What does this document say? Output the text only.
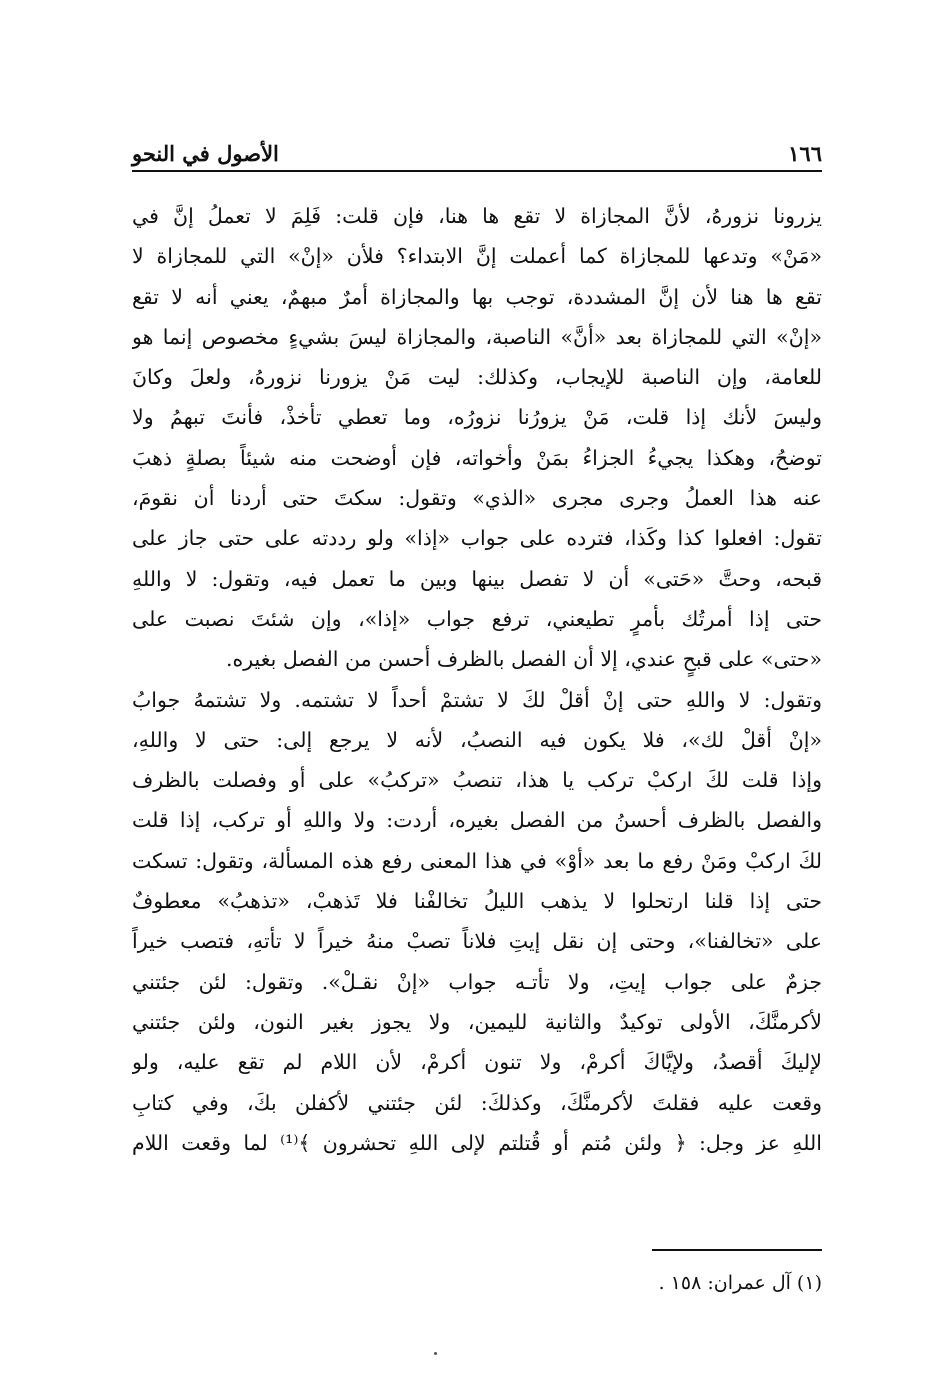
١٦٦
الأصول في النحو
يزرونا نزورهُ، لأنَّ المجازاة لا تقع ها هنا، فإن قلت: فَلِمَ لا تعملُ إنَّ في
«مَنْ» وتدعها للمجازاة كما أعملت إنَّ الابتداء؟ فلأن «إنْ» التي للمجازاة لا
تقع ها هنا لأن إنَّ المشددة، توجب بها والمجازاة أمرٌ مبهمٌ، يعني أنه لا تقع
«إنْ» التي للمجازاة بعد «أنَّ» الناصبة، والمجازاة ليسَ بشيءٍ مخصوص إنما هو
للعامة، وإن الناصبة للإيجاب، وكذلك: ليت مَنْ يزورنا نزورهُ، ولعلَ وكانَ
وليسَ لأنك إذا قلت، مَنْ يزورُنا نزورُه، وما تعطي تأخذْ، فأنتَ تبهمُ ولا
توضحُ، وهكذا يجيءُ الجزاءُ بمَنْ وأخواته، فإن أوضحت منه شيئاً بصلةٍ ذهبَ
عنه هذا العملُ وجرى مجرى «الذي» وتقول: سكتَ حتى أردنا أن نقومَ،
تقول: افعلوا كذا وكَذا، فترده على جواب «إذا» ولو رددته على حتى جاز على
قبحه، وحتَّ «حَتى» أن لا تفصل بينها وبين ما تعمل فيه، وتقول: لا واللهِ
حتى إذا أمرتُك بأمرٍ تطيعني، ترفع جواب «إذا»، وإن شئتَ نصبت على
«حتى» على قبحٍ عندي، إلا أن الفصل بالظرف أحسن من الفصل بغيره.
وتقول: لا واللهِ حتى إنْ أقلْ لكَ لا تشتمْ أحداً لا تشتمه. ولا تشتمهُ جوابُ
«إنْ أقلْ لك»، فلا يكون فيه النصبُ، لأنه لا يرجع إلى: حتى لا واللهِ،
وإذا قلت لكَ اركبْ تركب يا هذا، تنصبُ «تركبُ» على أو وفصلت بالظرف
والفصل بالظرف أحسنُ من الفصل بغيره، أردت: ولا واللهِ أو تركب، إذا قلت
لكَ اركبْ ومَنْ رفع ما بعد «أوْ» في هذا المعنى رفع هذه المسألة، وتقول: تسكت
حتى إذا قلنا ارتحلوا لا يذهب الليلُ تخالفْنا فلا تَذهبْ، «تذهبُ» معطوفٌ
على «تخالفنا»، وحتى إن نقل إيتِ فلاناً تصبْ منهُ خيراً لا تأتهِ، فتصب خيراً
جزمٌ على جواب إيتِ، ولا تأتـه جواب «إنْ نقـلْ». وتقول: لئن جئتني
لأكرمنَّكَ، الأولى توكيدٌ والثانية لليمين، ولا يجوز بغير النون، ولئن جئتني
لإليكَ أقصدُ، ولإيَّاكَ أكرمْ، ولا تنون أكرمْ، لأن اللام لم تقع عليه، ولو
وقعت عليه فقلتَ لأكرمنَّكَ، وكذلكَ: لئن جئتني لأكفلن بكَ، وفي كتابِ
اللهِ عز وجل: ﴿ ولئن مُتم أو قُتلتم لإلى اللهِ تحشرون ﴾⁽¹⁾ لما وقعت اللام
(١) آل عمران: ١٥٨ .
